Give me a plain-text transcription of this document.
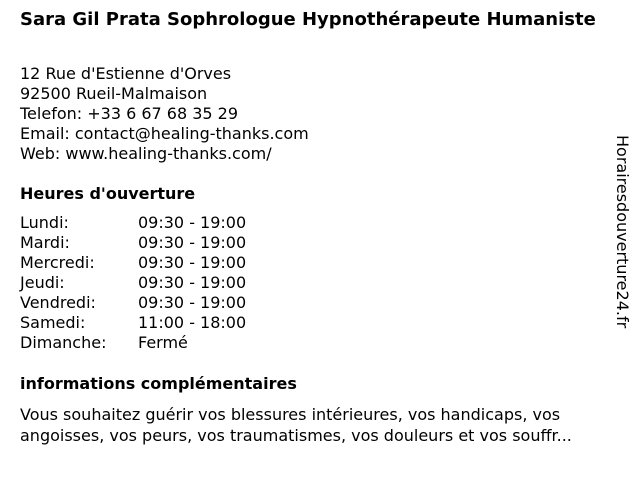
Sara Gil Prata Sophrologue Hypnothérapeute Humaniste
12 Rue d'Estienne d'Orves
92500 Rueil-Malmaison
Telefon: +33 6 67 68 35 29
Email: contact@healing-thanks.com
Web: www.healing-thanks.com/
Heures d'ouverture
Lundi:	09:30 - 19:00
Mardi:	09:30 - 19:00
Mercredi:	09:30 - 19:00
Jeudi:	09:30 - 19:00
Vendredi:	09:30 - 19:00
Samedi:	11:00 - 18:00
Dimanche:	Fermé
informations complémentaires
Vous souhaitez guérir vos blessures intérieures, vos handicaps, vos angoisses, vos peurs, vos traumatismes, vos douleurs et vos souffr...
Horairesdouverture24.fr
